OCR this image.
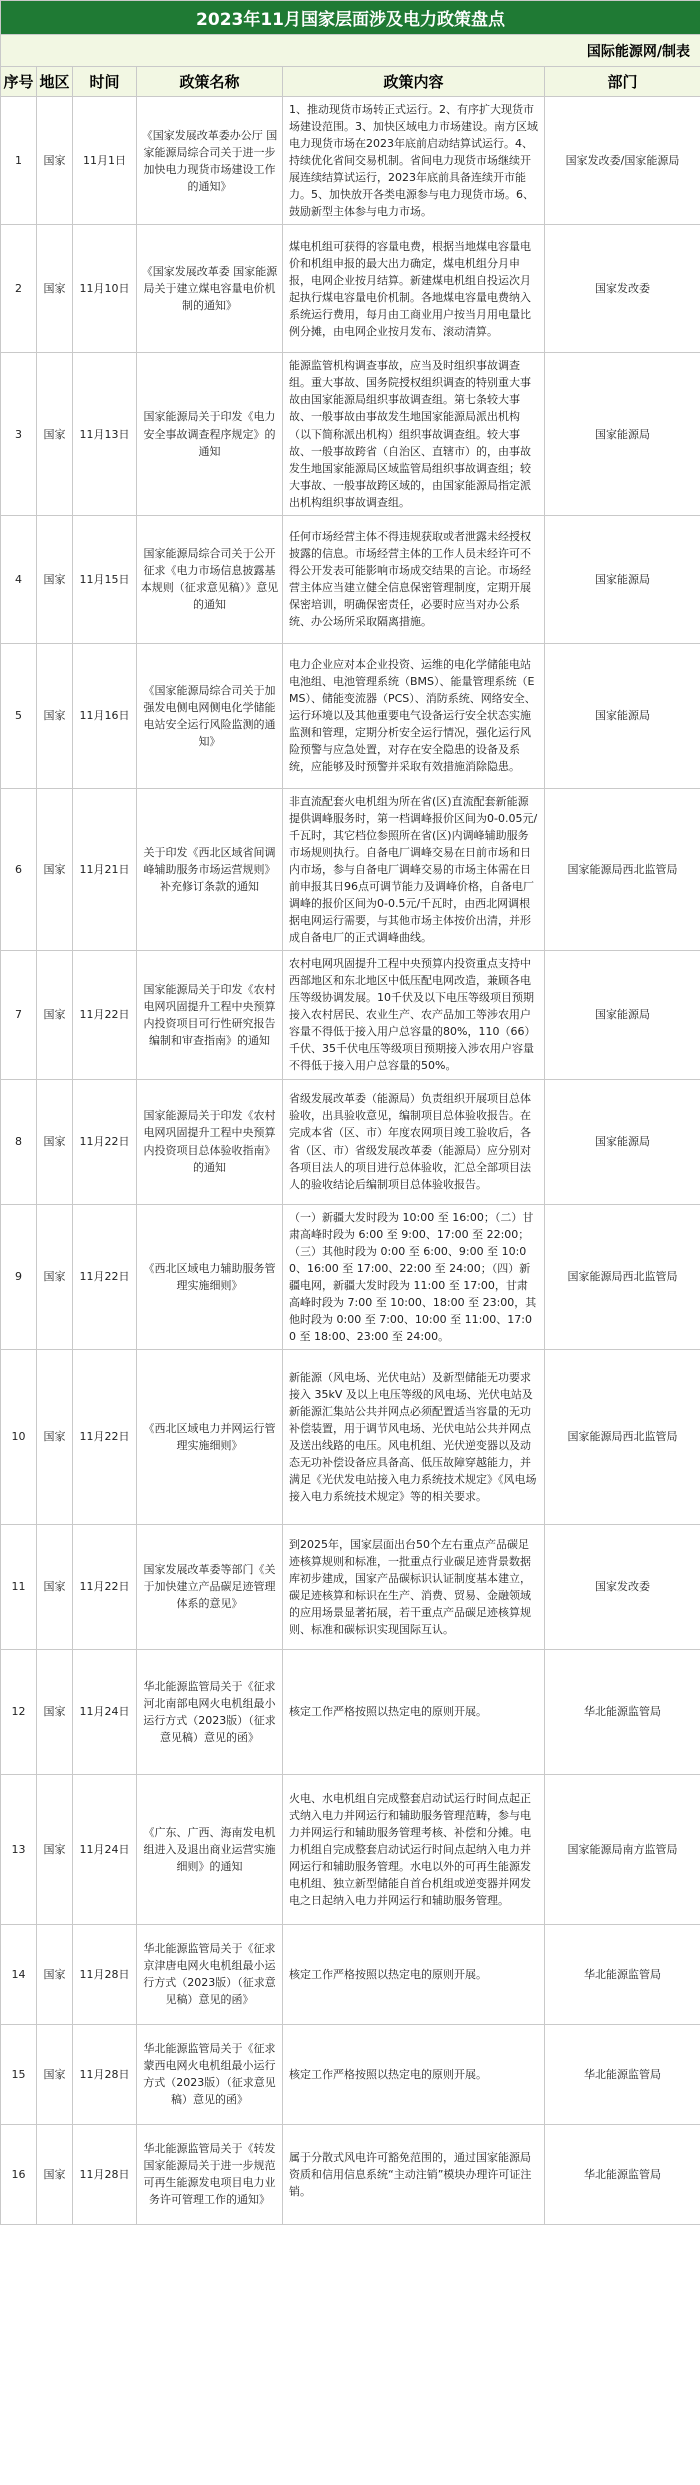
2023年11月国家层面涉及电力政策盘点					
国际能源网/制表					
序号	地区	时间	政策名称	政策内容	部门
1	国家	11月1日	《国家发展改革委办公厅 国家能源局综合司关于进一步加快电力现货市场建设工作的通知》	1、推动现货市场转正式运行。2、有序扩大现货市场建设范围。3、加快区域电力市场建设。南方区域电力现货市场在2023年底前启动结算试运行。4、持续优化省间交易机制。省间电力现货市场继续开展连续结算试运行，2023年底前具备连续开市能力。5、加快放开各类电源参与电力现货市场。6、鼓励新型主体参与电力市场。	国家发改委/国家能源局
2	国家	11月10日	《国家发展改革委 国家能源局关于建立煤电容量电价机制的通知》	煤电机组可获得的容量电费，根据当地煤电容量电价和机组申报的最大出力确定，煤电机组分月申报，电网企业按月结算。新建煤电机组自投运次月起执行煤电容量电价机制。各地煤电容量电费纳入系统运行费用，每月由工商业用户按当月用电量比例分摊，由电网企业按月发布、滚动清算。	国家发改委
3	国家	11月13日	国家能源局关于印发《电力安全事故调查程序规定》的通知	能源监管机构调查事故，应当及时组织事故调查组。重大事故、国务院授权组织调查的特别重大事故由国家能源局组织事故调查组。第七条较大事故、一般事故由事故发生地国家能源局派出机构（以下简称派出机构）组织事故调查组。较大事故、一般事故跨省（自治区、直辖市）的，由事故发生地国家能源局区域监管局组织事故调查组；较大事故、一般事故跨区域的，由国家能源局指定派出机构组织事故调查组。	国家能源局
4	国家	11月15日	国家能源局综合司关于公开征求《电力市场信息披露基本规则（征求意见稿）》意见的通知	任何市场经营主体不得违规获取或者泄露未经授权披露的信息。市场经营主体的工作人员未经许可不得公开发表可能影响市场成交结果的言论。市场经营主体应当建立健全信息保密管理制度，定期开展保密培训，明确保密责任，必要时应当对办公系统、办公场所采取隔离措施。	国家能源局
5	国家	11月16日	《国家能源局综合司关于加强发电侧电网侧电化学储能电站安全运行风险监测的通知》	电力企业应对本企业投资、运维的电化学储能电站电池组、电池管理系统（BMS）、能量管理系统（EMS）、储能变流器（PCS）、消防系统、网络安全、运行环境以及其他重要电气设备运行安全状态实施监测和管理，定期分析安全运行情况，强化运行风险预警与应急处置，对存在安全隐患的设备及系统，应能够及时预警并采取有效措施消除隐患。	国家能源局
6	国家	11月21日	关于印发《西北区域省间调峰辅助服务市场运营规则》补充修订条款的通知	非直流配套火电机组为所在省(区)直流配套新能源提供调峰服务时，第一档调峰报价区间为0-0.05元/千瓦时，其它档位参照所在省(区)内调峰辅助服务市场规则执行。自备电厂调峰交易在日前市场和日内市场，参与自备电厂调峰交易的市场主体需在日前申报其日96点可调节能力及调峰价格，自备电厂调峰的报价区间为0-0.5元/千瓦时，由西北网调根据电网运行需要，与其他市场主体按价出清，并形成自备电厂的正式调峰曲线。	国家能源局西北监管局
7	国家	11月22日	国家能源局关于印发《农村电网巩固提升工程中央预算内投资项目可行性研究报告编制和审查指南》的通知	农村电网巩固提升工程中央预算内投资重点支持中西部地区和东北地区中低压配电网改造，兼顾各电压等级协调发展。10千伏及以下电压等级项目预期接入农村居民、农业生产、农产品加工等涉农用户容量不得低于接入用户总容量的80%，110（66）千伏、35千伏电压等级项目预期接入涉农用户容量不得低于接入用户总容量的50%。	国家能源局
8	国家	11月22日	国家能源局关于印发《农村电网巩固提升工程中央预算内投资项目总体验收指南》的通知	省级发展改革委（能源局）负责组织开展项目总体验收，出具验收意见，编制项目总体验收报告。在完成本省（区、市）年度农网项目竣工验收后，各省（区、市）省级发展改革委（能源局）应分别对各项目法人的项目进行总体验收，汇总全部项目法人的验收结论后编制项目总体验收报告。	国家能源局
9	国家	11月22日	《西北区域电力辅助服务管理实施细则》	（一）新疆大发时段为 10:00 至 16:00；（二）甘肃高峰时段为 6:00 至 9:00、17:00 至 22:00；（三）其他时段为 0:00 至 6:00、9:00 至 10:00、16:00 至 17:00、22:00 至 24:00；（四）新疆电网，新疆大发时段为 11:00 至 17:00，甘肃高峰时段为 7:00 至 10:00、18:00 至 23:00，其他时段为 0:00 至 7:00、10:00 至 11:00、17:00 至 18:00、23:00 至 24:00。	国家能源局西北监管局
10	国家	11月22日	《西北区域电力并网运行管理实施细则》	新能源（风电场、光伏电站）及新型储能无功要求接入 35kV 及以上电压等级的风电场、光伏电站及新能源汇集站公共并网点必须配置适当容量的无功补偿装置，用于调节风电场、光伏电站公共并网点及送出线路的电压。风电机组、光伏逆变器以及动态无功补偿设备应具备高、低压故障穿越能力，并满足《光伏发电站接入电力系统技术规定》《风电场接入电力系统技术规定》等的相关要求。	国家能源局西北监管局
11	国家	11月22日	国家发展改革委等部门《关于加快建立产品碳足迹管理体系的意见》	到2025年，国家层面出台50个左右重点产品碳足迹核算规则和标准，一批重点行业碳足迹背景数据库初步建成，国家产品碳标识认证制度基本建立，碳足迹核算和标识在生产、消费、贸易、金融领域的应用场景显著拓展，若干重点产品碳足迹核算规则、标准和碳标识实现国际互认。	国家发改委
12	国家	11月24日	华北能源监管局关于《征求河北南部电网火电机组最小运行方式（2023版）（征求意见稿）意见的函》	核定工作严格按照以热定电的原则开展。	华北能源监管局
13	国家	11月24日	《广东、广西、海南发电机组进入及退出商业运营实施细则》的通知	火电、水电机组自完成整套启动试运行时间点起正式纳入电力并网运行和辅助服务管理范畴，参与电力并网运行和辅助服务管理考核、补偿和分摊。电力机组自完成整套启动试运行时间点起纳入电力并网运行和辅助服务管理。水电以外的可再生能源发电机组、独立新型储能自首台机组或逆变器并网发电之日起纳入电力并网运行和辅助服务管理。	国家能源局南方监管局
14	国家	11月28日	华北能源监管局关于《征求京津唐电网火电机组最小运行方式（2023版）（征求意见稿）意见的函》	核定工作严格按照以热定电的原则开展。	华北能源监管局
15	国家	11月28日	华北能源监管局关于《征求蒙西电网火电机组最小运行方式（2023版）（征求意见稿）意见的函》	核定工作严格按照以热定电的原则开展。	华北能源监管局
16	国家	11月28日	华北能源监管局关于《转发国家能源局关于进一步规范可再生能源发电项目电力业务许可管理工作的通知》	属于分散式风电许可豁免范围的，通过国家能源局资质和信用信息系统“主动注销”模块办理许可证注销。	华北能源监管局
